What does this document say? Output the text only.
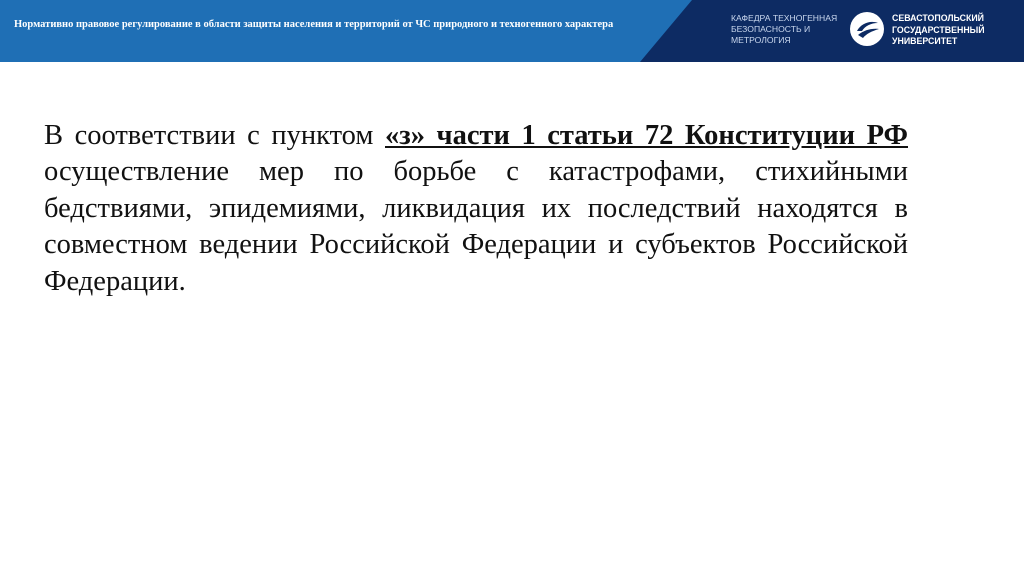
Нормативно правовое регулирование в области защиты населения и территорий от ЧС природного и техногенного характера
КАФЕДРА ТЕХНОГЕННАЯ
БЕЗОПАСНОСТЬ И
МЕТРОЛОГИЯ
СЕВАСТОПОЛЬСКИЙ
ГОСУДАРСТВЕННЫЙ
УНИВЕРСИТЕТ
В соответствии с пунктом «з» части 1 статьи 72 Конституции РФ осуществление мер по борьбе с катастрофами, стихийными бедствиями, эпидемиями, ликвидация их последствий находятся в совместном ведении Российской Федерации и субъектов Российской Федерации.
